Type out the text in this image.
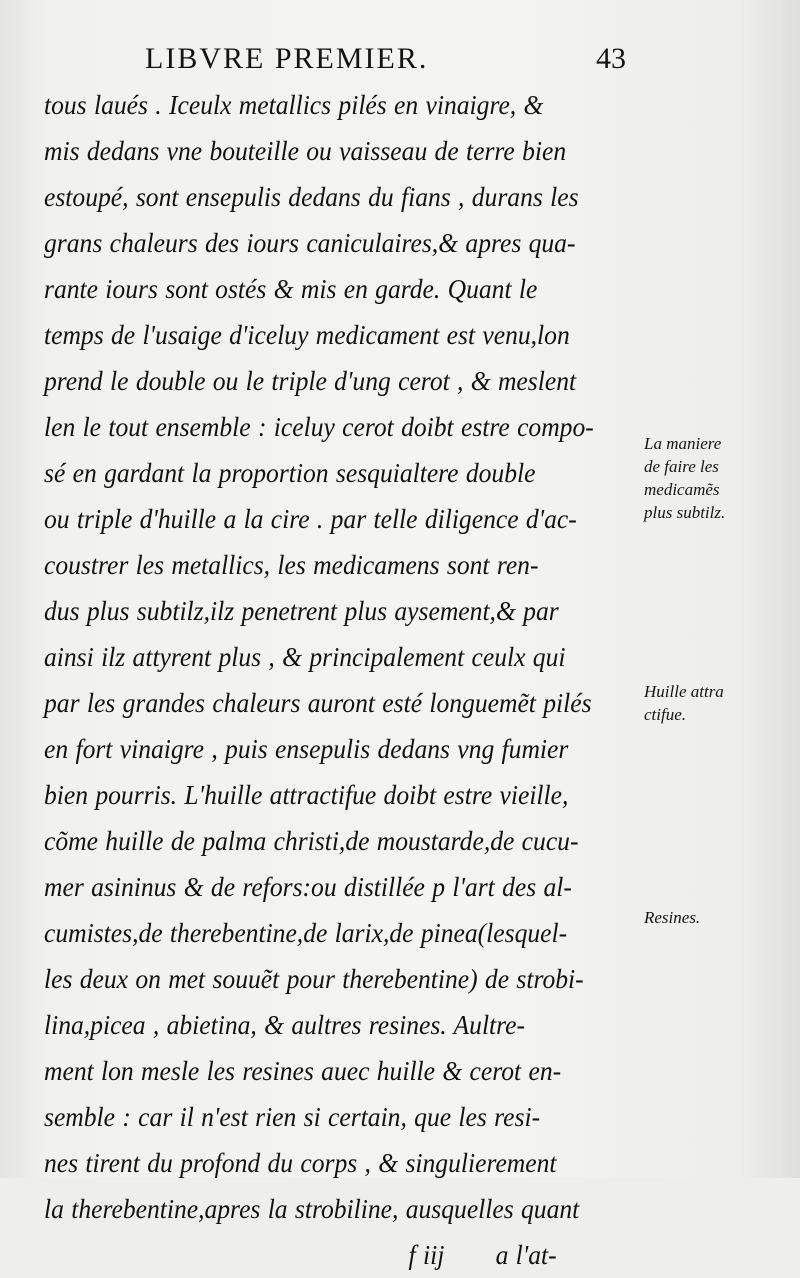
LIBVRE PREMIER.	43
tous laués . Iceulx metallics pilés en vinaigre, &
mis dedans vne bouteille ou vaisseau de terre bien
estoupé, sont ensepulis dedans du fians , durans les
grans chaleurs des iours caniculaires,& apres qua-
rante iours sont ostés & mis en garde. Quant le
temps de l'usaige d'iceluy medicament est venu,lon
prend le double ou le triple d'ung cerot , & meslent
len le tout ensemble : iceluy cerot doibt estre compo-
sé en gardant la proportion sesquialtere double
ou triple d'huille a la cire . par telle diligence d'ac-
coustrer les metallics, les medicamens sont ren-
dus plus subtilz,ilz penetrent plus aysement,& par
ainsi ilz attyrent plus , & principalement ceulx qui
par les grandes chaleurs auront esté longuemẽt pilés
en fort vinaigre , puis ensepulis dedans vng fumier
bien pourris. L'huille attractifue doibt estre vieille,
cõme huille de palma christi,de moustarde,de cucu-
mer asininus & de refors:ou distillée p l'art des al-
cumistes,de therebentine,de larix,de pinea(lesquel-
les deux on met souuẽt pour therebentine) de strobi-
lina,picea , abietina, & aultres resines. Aultre-
ment lon mesle les resines auec huille & cerot en-
semble : car il n'est rien si certain, que les resi-
nes tirent du profond du corps , & singulierement
la therebentine,apres la strobiline, ausquelles quant
f iij a l'at-
La maniere
de faire les
medicamẽs
plus subtilz.
Huille attra
ctifue.
Resines.
